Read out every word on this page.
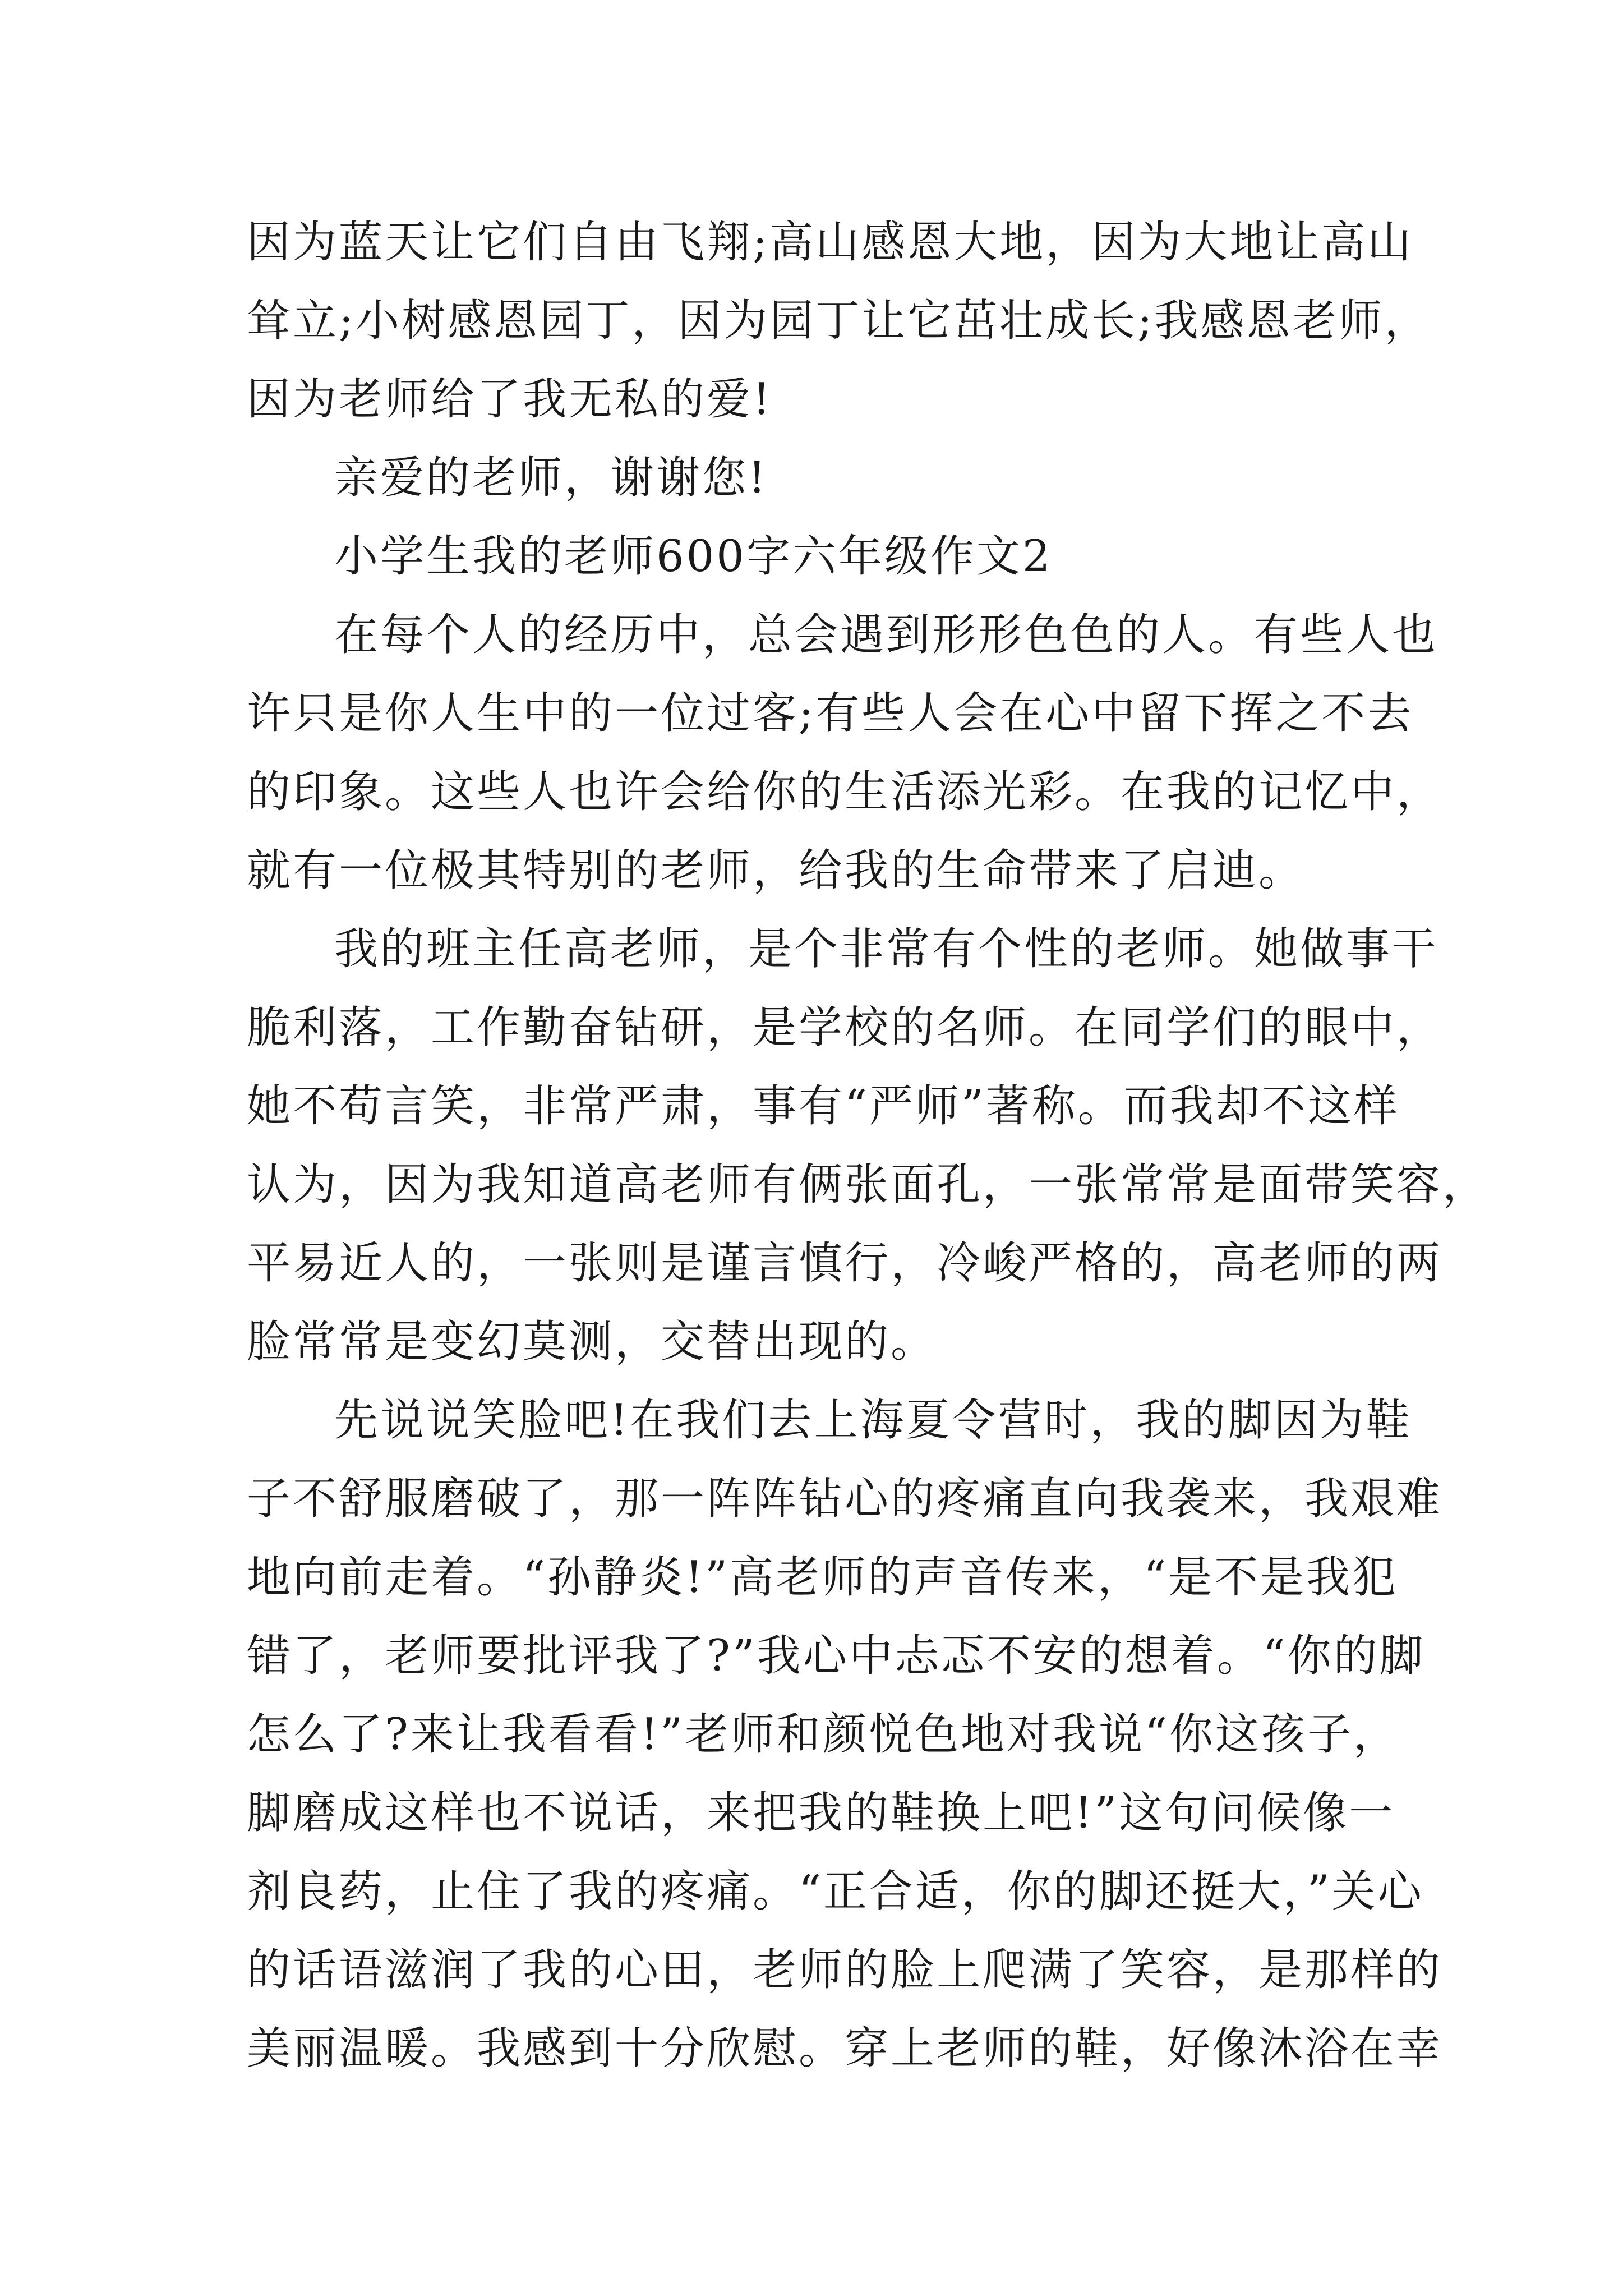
因为蓝天让它们自由飞翔;高山感恩大地，因为大地让高山

耸立;小树感恩园丁，因为园丁让它茁壮成长;我感恩老师，

因为老师给了我无私的爱!

亲爱的老师，谢谢您!

小学生我的老师600字六年级作文2

在每个人的经历中，总会遇到形形色色的人。有些人也

许只是你人生中的一位过客;有些人会在心中留下挥之不去

的印象。这些人也许会给你的生活添光彩。在我的记忆中，

就有一位极其特别的老师，给我的生命带来了启迪。

我的班主任高老师，是个非常有个性的老师。她做事干

脆利落，工作勤奋钻研，是学校的名师。在同学们的眼中，

她不苟言笑，非常严肃，事有“严师”著称。而我却不这样

认为，因为我知道高老师有俩张面孔，一张常常是面带笑容，

平易近人的，一张则是谨言慎行，冷峻严格的，高老师的两

脸常常是变幻莫测，交替出现的。

先说说笑脸吧!在我们去上海夏令营时，我的脚因为鞋

子不舒服磨破了，那一阵阵钻心的疼痛直向我袭来，我艰难

地向前走着。“孙静炎!”高老师的声音传来，“是不是我犯

错了，老师要批评我了?”我心中忐忑不安的想着。“你的脚

怎么了?来让我看看!”老师和颜悦色地对我说“你这孩子，

脚磨成这样也不说话，来把我的鞋换上吧!”这句问候像一

剂良药，止住了我的疼痛。“正合适，你的脚还挺大，”关心

的话语滋润了我的心田，老师的脸上爬满了笑容，是那样的

美丽温暖。我感到十分欣慰。穿上老师的鞋，好像沐浴在幸
